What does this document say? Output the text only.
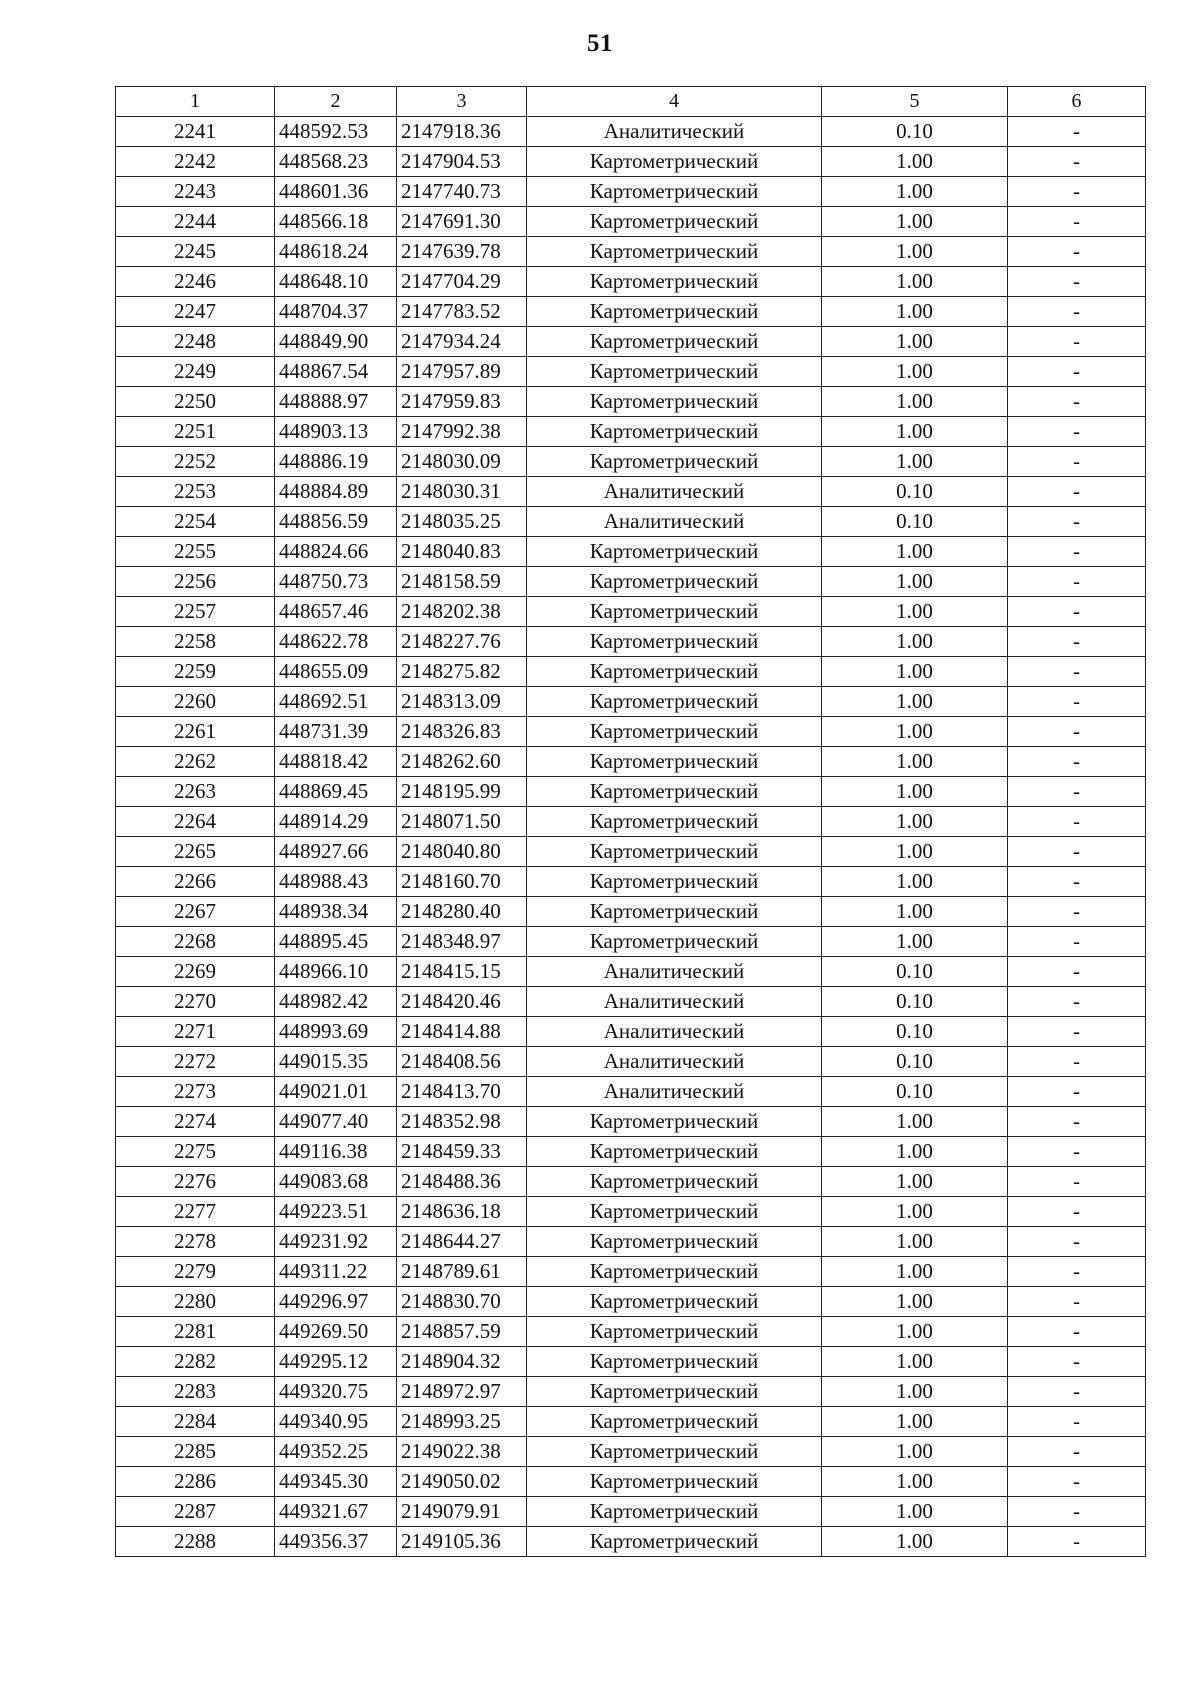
51
1	2	3	4	5	6
2241	448592.53	2147918.36	Аналитический	0.10	-
2242	448568.23	2147904.53	Картометрический	1.00	-
2243	448601.36	2147740.73	Картометрический	1.00	-
2244	448566.18	2147691.30	Картометрический	1.00	-
2245	448618.24	2147639.78	Картометрический	1.00	-
2246	448648.10	2147704.29	Картометрический	1.00	-
2247	448704.37	2147783.52	Картометрический	1.00	-
2248	448849.90	2147934.24	Картометрический	1.00	-
2249	448867.54	2147957.89	Картометрический	1.00	-
2250	448888.97	2147959.83	Картометрический	1.00	-
2251	448903.13	2147992.38	Картометрический	1.00	-
2252	448886.19	2148030.09	Картометрический	1.00	-
2253	448884.89	2148030.31	Аналитический	0.10	-
2254	448856.59	2148035.25	Аналитический	0.10	-
2255	448824.66	2148040.83	Картометрический	1.00	-
2256	448750.73	2148158.59	Картометрический	1.00	-
2257	448657.46	2148202.38	Картометрический	1.00	-
2258	448622.78	2148227.76	Картометрический	1.00	-
2259	448655.09	2148275.82	Картометрический	1.00	-
2260	448692.51	2148313.09	Картометрический	1.00	-
2261	448731.39	2148326.83	Картометрический	1.00	-
2262	448818.42	2148262.60	Картометрический	1.00	-
2263	448869.45	2148195.99	Картометрический	1.00	-
2264	448914.29	2148071.50	Картометрический	1.00	-
2265	448927.66	2148040.80	Картометрический	1.00	-
2266	448988.43	2148160.70	Картометрический	1.00	-
2267	448938.34	2148280.40	Картометрический	1.00	-
2268	448895.45	2148348.97	Картометрический	1.00	-
2269	448966.10	2148415.15	Аналитический	0.10	-
2270	448982.42	2148420.46	Аналитический	0.10	-
2271	448993.69	2148414.88	Аналитический	0.10	-
2272	449015.35	2148408.56	Аналитический	0.10	-
2273	449021.01	2148413.70	Аналитический	0.10	-
2274	449077.40	2148352.98	Картометрический	1.00	-
2275	449116.38	2148459.33	Картометрический	1.00	-
2276	449083.68	2148488.36	Картометрический	1.00	-
2277	449223.51	2148636.18	Картометрический	1.00	-
2278	449231.92	2148644.27	Картометрический	1.00	-
2279	449311.22	2148789.61	Картометрический	1.00	-
2280	449296.97	2148830.70	Картометрический	1.00	-
2281	449269.50	2148857.59	Картометрический	1.00	-
2282	449295.12	2148904.32	Картометрический	1.00	-
2283	449320.75	2148972.97	Картометрический	1.00	-
2284	449340.95	2148993.25	Картометрический	1.00	-
2285	449352.25	2149022.38	Картометрический	1.00	-
2286	449345.30	2149050.02	Картометрический	1.00	-
2287	449321.67	2149079.91	Картометрический	1.00	-
2288	449356.37	2149105.36	Картометрический	1.00	-
